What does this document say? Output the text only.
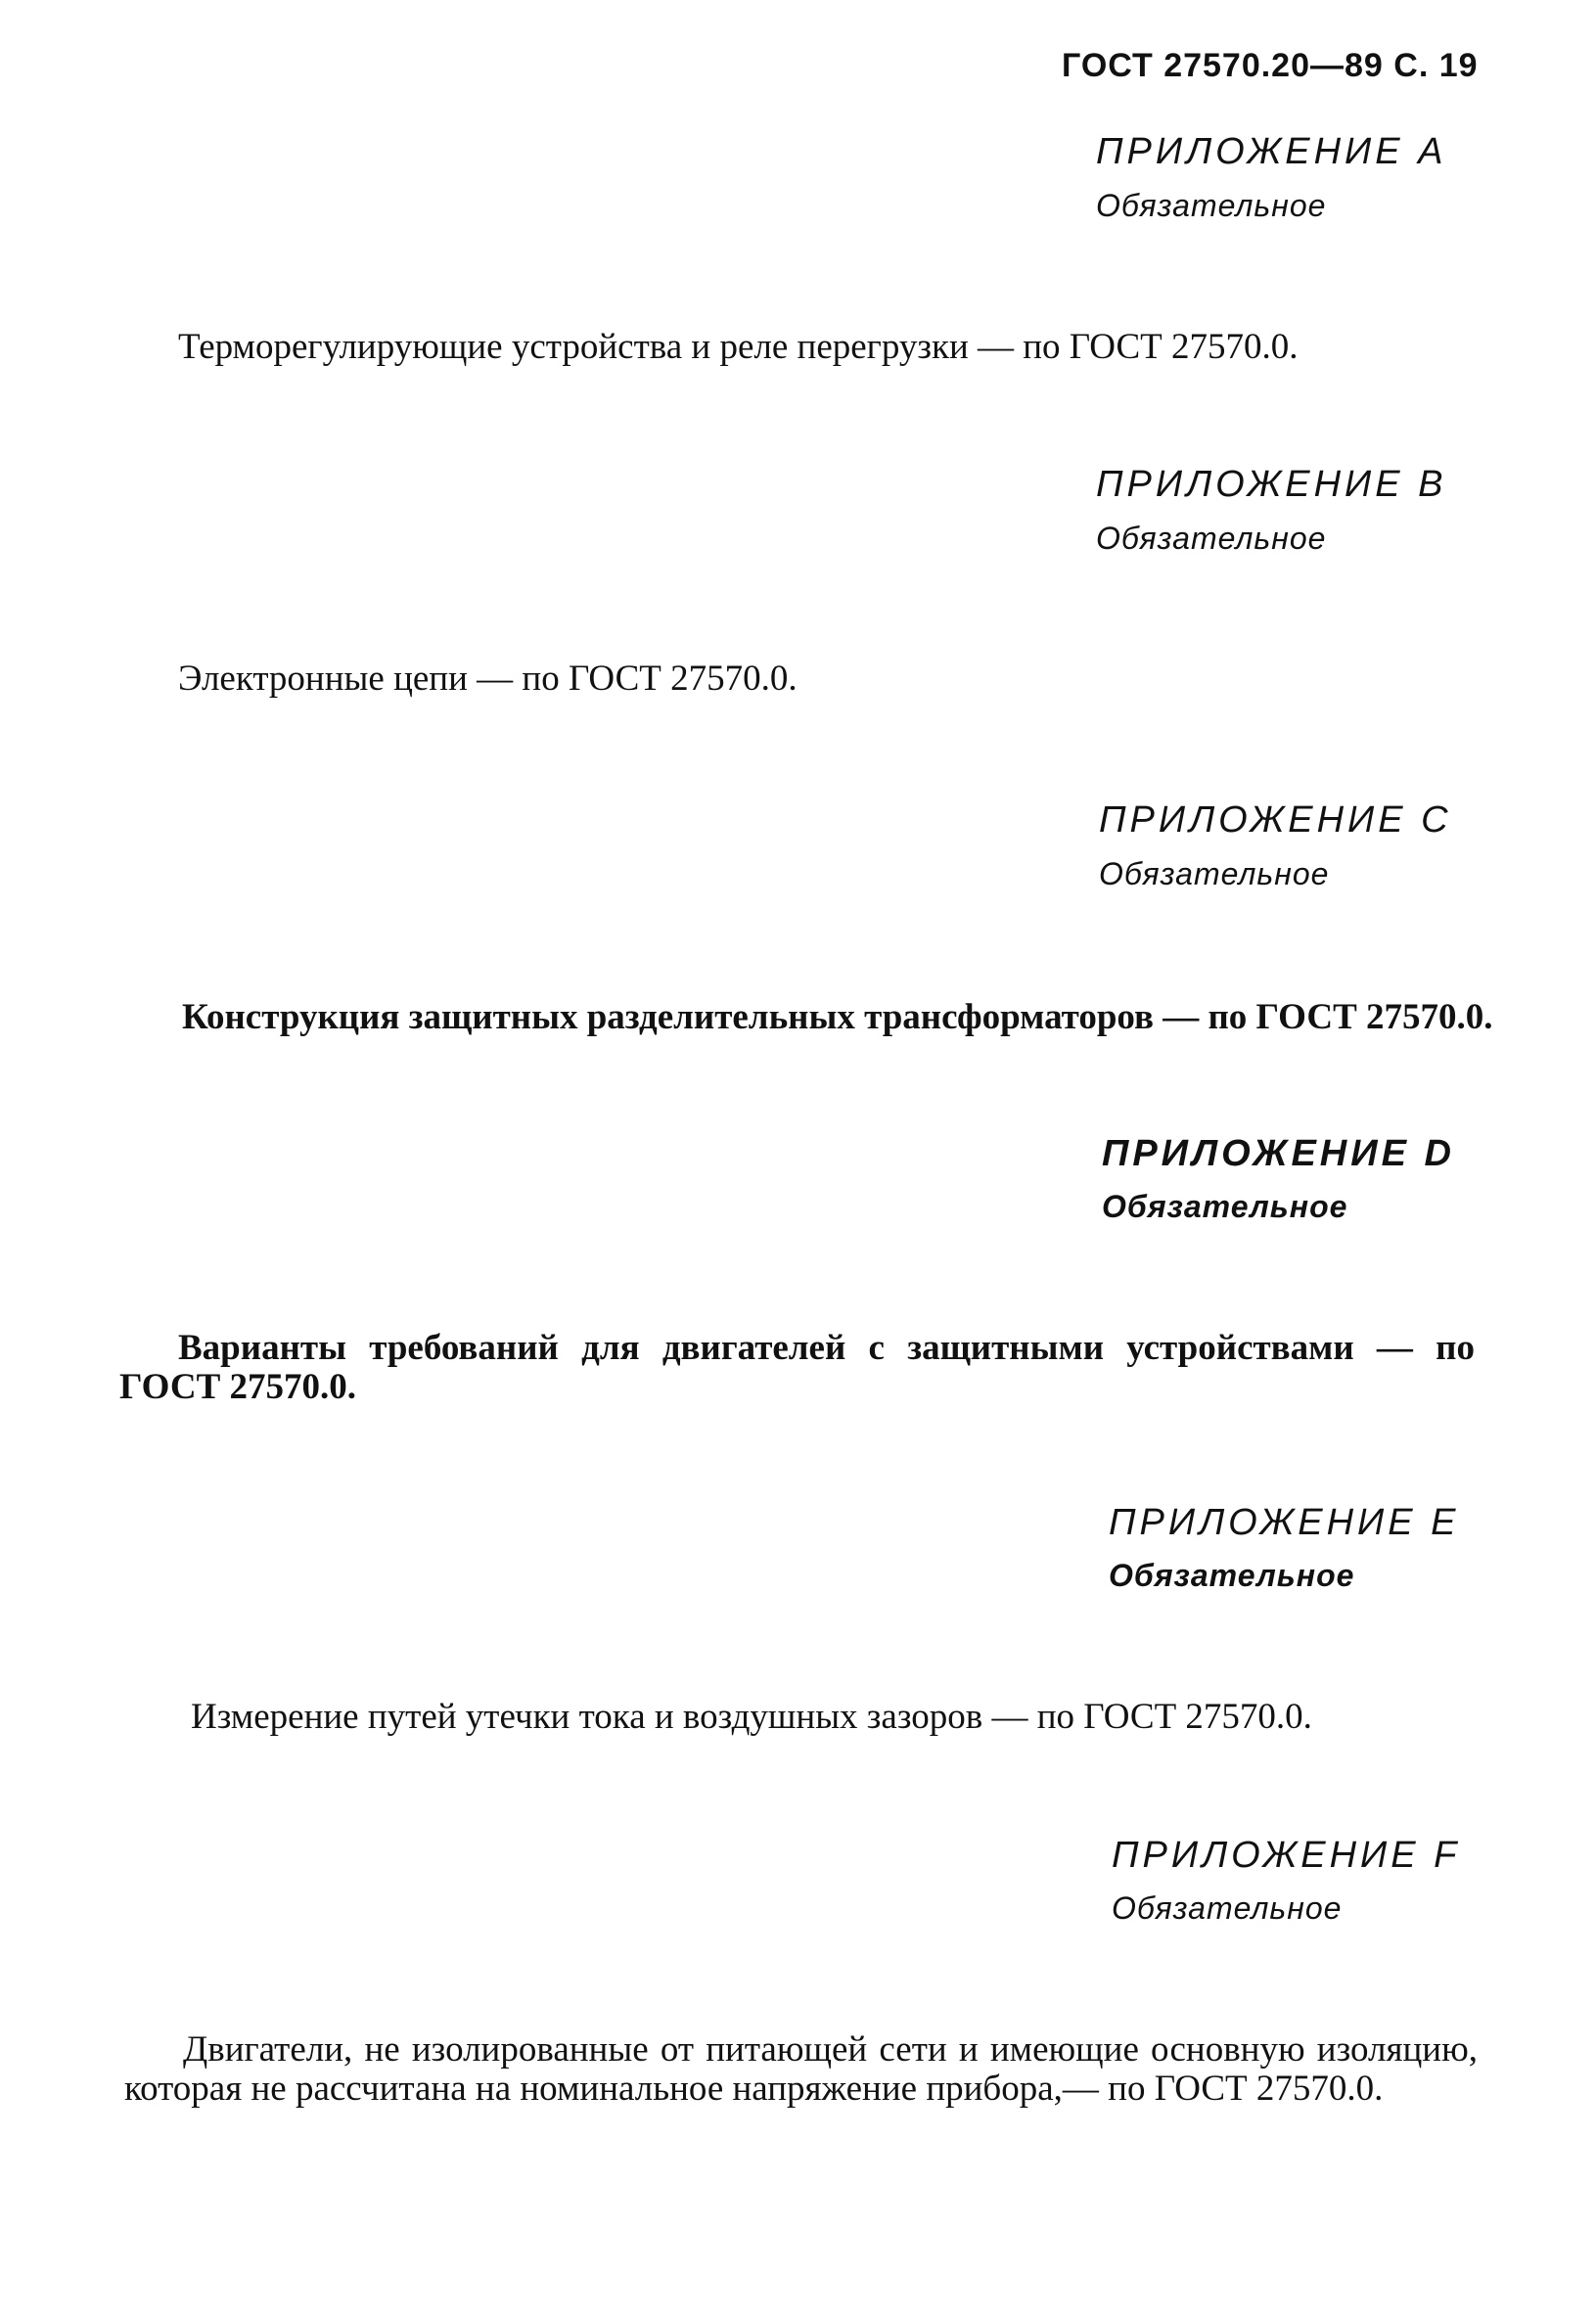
ГОСТ 27570.20—89 С. 19
ПРИЛОЖЕНИЕ A
Обязательное
Терморегулирующие устройства и реле перегрузки — по ГОСТ 27570.0.
ПРИЛОЖЕНИЕ B
Обязательное
Электронные цепи — по ГОСТ 27570.0.
ПРИЛОЖЕНИЕ C
Обязательное
Конструкция защитных разделительных трансформаторов — по ГОСТ 27570.0.
ПРИЛОЖЕНИЕ D
Обязательное
Варианты требований для двигателей с защитными устройствами — по ГОСТ 27570.0.
ПРИЛОЖЕНИЕ E
Обязательное
Измерение путей утечки тока и воздушных зазоров — по ГОСТ 27570.0.
ПРИЛОЖЕНИЕ F
Обязательное
Двигатели, не изолированные от питающей сети и имеющие основную изоляцию, которая не рассчитана на номинальное напряжение прибора,— по ГОСТ 27570.0.
